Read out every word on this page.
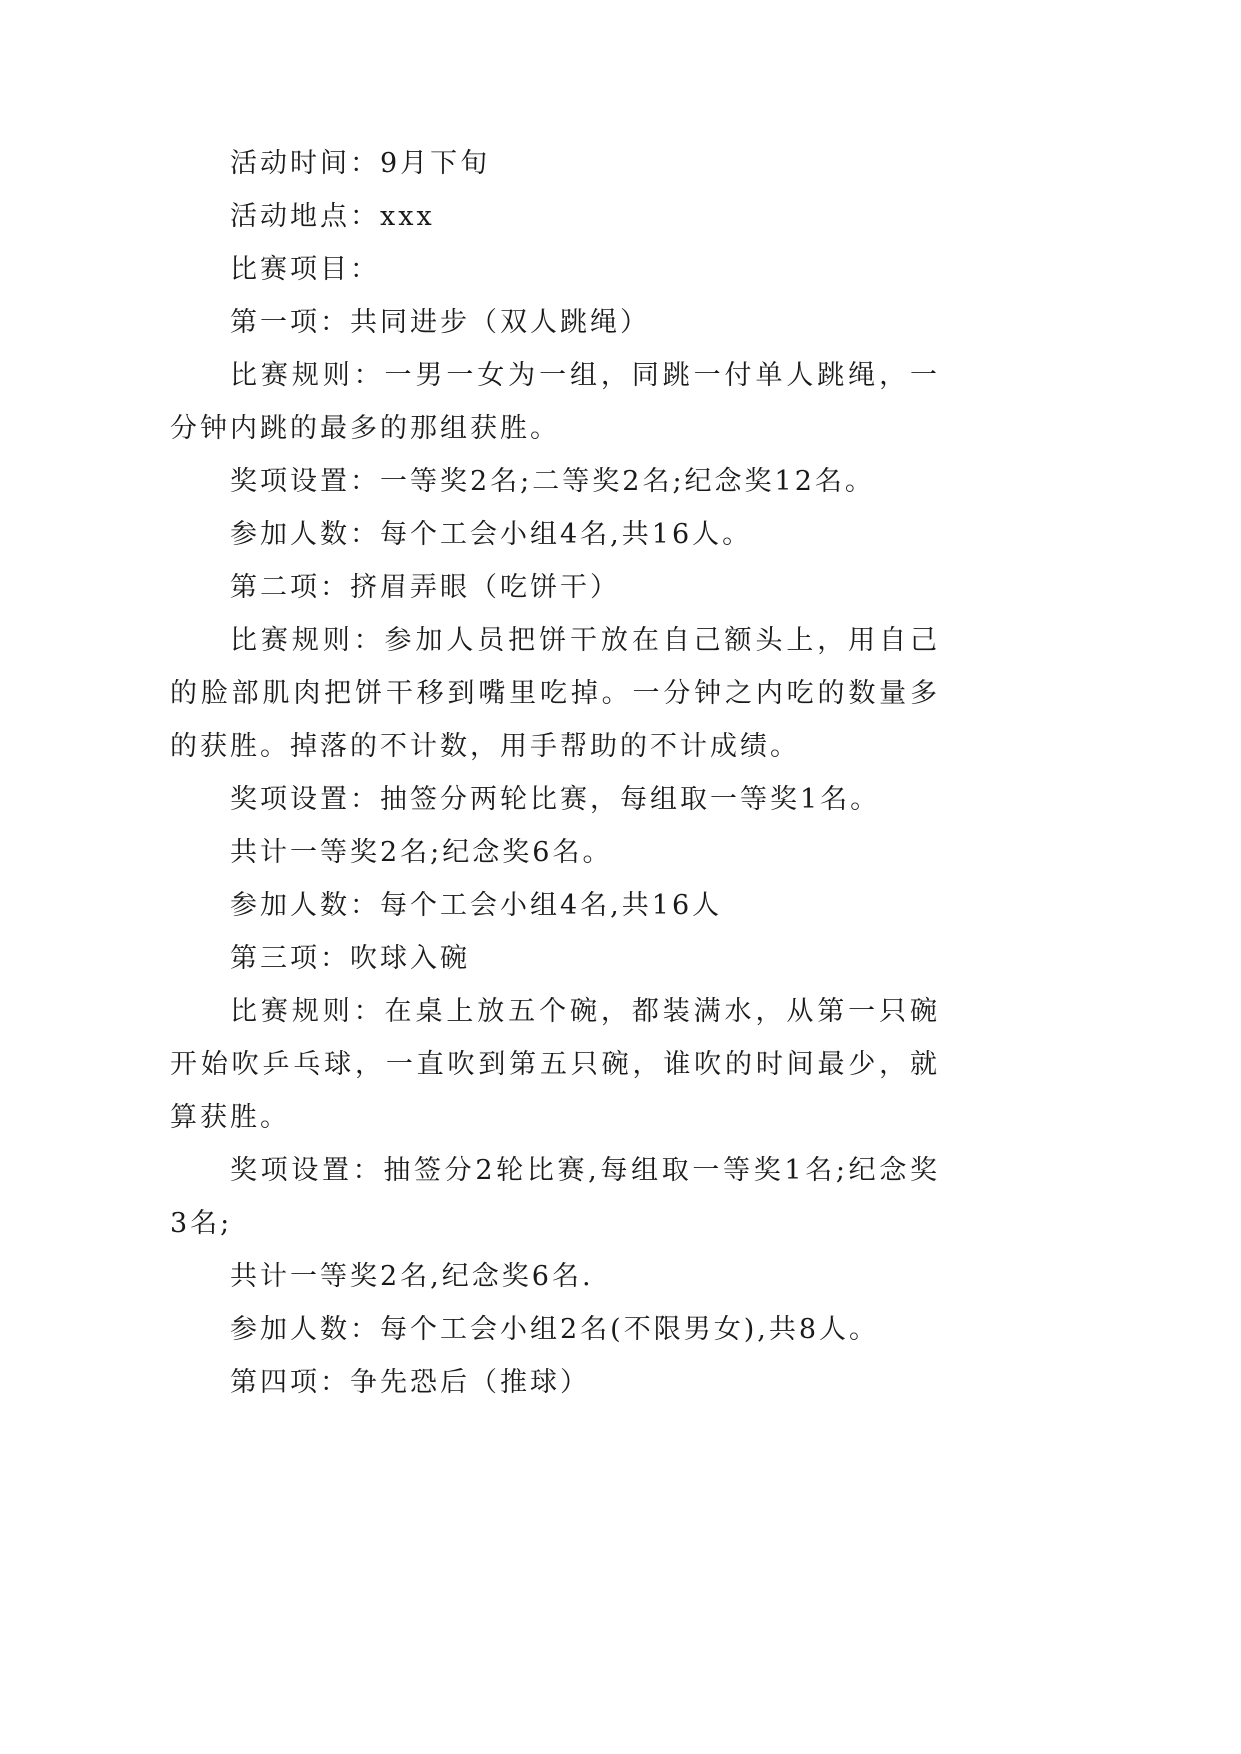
活动时间：9月下旬

活动地点：xxx

比赛项目：

第一项：共同进步（双人跳绳）

比赛规则：一男一女为一组，同跳一付单人跳绳，一分钟内跳的最多的那组获胜。

奖项设置：一等奖2名;二等奖2名;纪念奖12名。

参加人数：每个工会小组4名,共16人。

第二项：挤眉弄眼（吃饼干）

比赛规则：参加人员把饼干放在自己额头上，用自己的脸部肌肉把饼干移到嘴里吃掉。一分钟之内吃的数量多的获胜。掉落的不计数，用手帮助的不计成绩。

奖项设置：抽签分两轮比赛，每组取一等奖1名。

共计一等奖2名;纪念奖6名。

参加人数：每个工会小组4名,共16人

第三项：吹球入碗

比赛规则：在桌上放五个碗，都装满水，从第一只碗开始吹乒乓球，一直吹到第五只碗，谁吹的时间最少，就算获胜。

奖项设置：抽签分2轮比赛,每组取一等奖1名;纪念奖3名;

共计一等奖2名,纪念奖6名.

参加人数：每个工会小组2名(不限男女),共8人。

第四项：争先恐后（推球）
